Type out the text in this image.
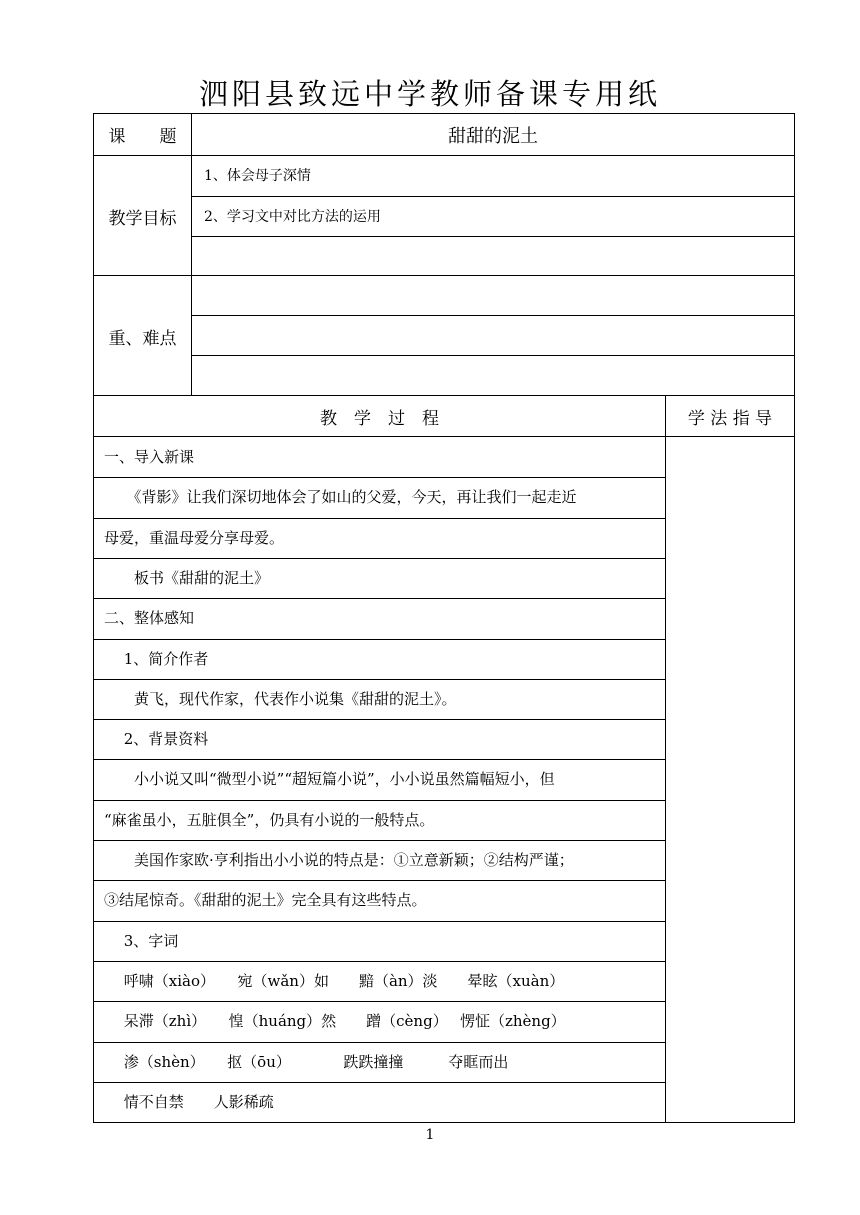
泗阳县致远中学教师备课专用纸
课　　题	甜甜的泥土
教学目标
1、体会母子深情
2、学习文中对比方法的运用
重、难点
教　学　过　程	学 法 指 导
一、导入新课
　　《背影》让我们深切地体会了如山的父爱，今天，再让我们一起走近
母爱，重温母爱分享母爱。
　　板书《甜甜的泥土》
二、整体感知
　 1、简介作者
　　黄飞，现代作家，代表作小说集《甜甜的泥土》。
　 2、背景资料
　　小小说又叫“微型小说”“超短篇小说”，小小说虽然篇幅短小，但
“麻雀虽小，五脏俱全”，仍具有小说的一般特点。
　　美国作家欧·亨利指出小小说的特点是：①立意新颖；②结构严谨；
③结尾惊奇。《甜甜的泥土》完全具有这些特点。
　 3、字词
　 呼啸（xiào）　　宛（wǎn）如　　黯（àn）淡　　晕眩（xuàn）
　 呆滞（zhì）　　惶（huáng）然　　蹭（cèng）　 愣怔（zhèng）
　 渗（shèn）　　抠（ōu）　　　　跌跌撞撞　　　夺眶而出
　 情不自禁　　人影稀疏
1
